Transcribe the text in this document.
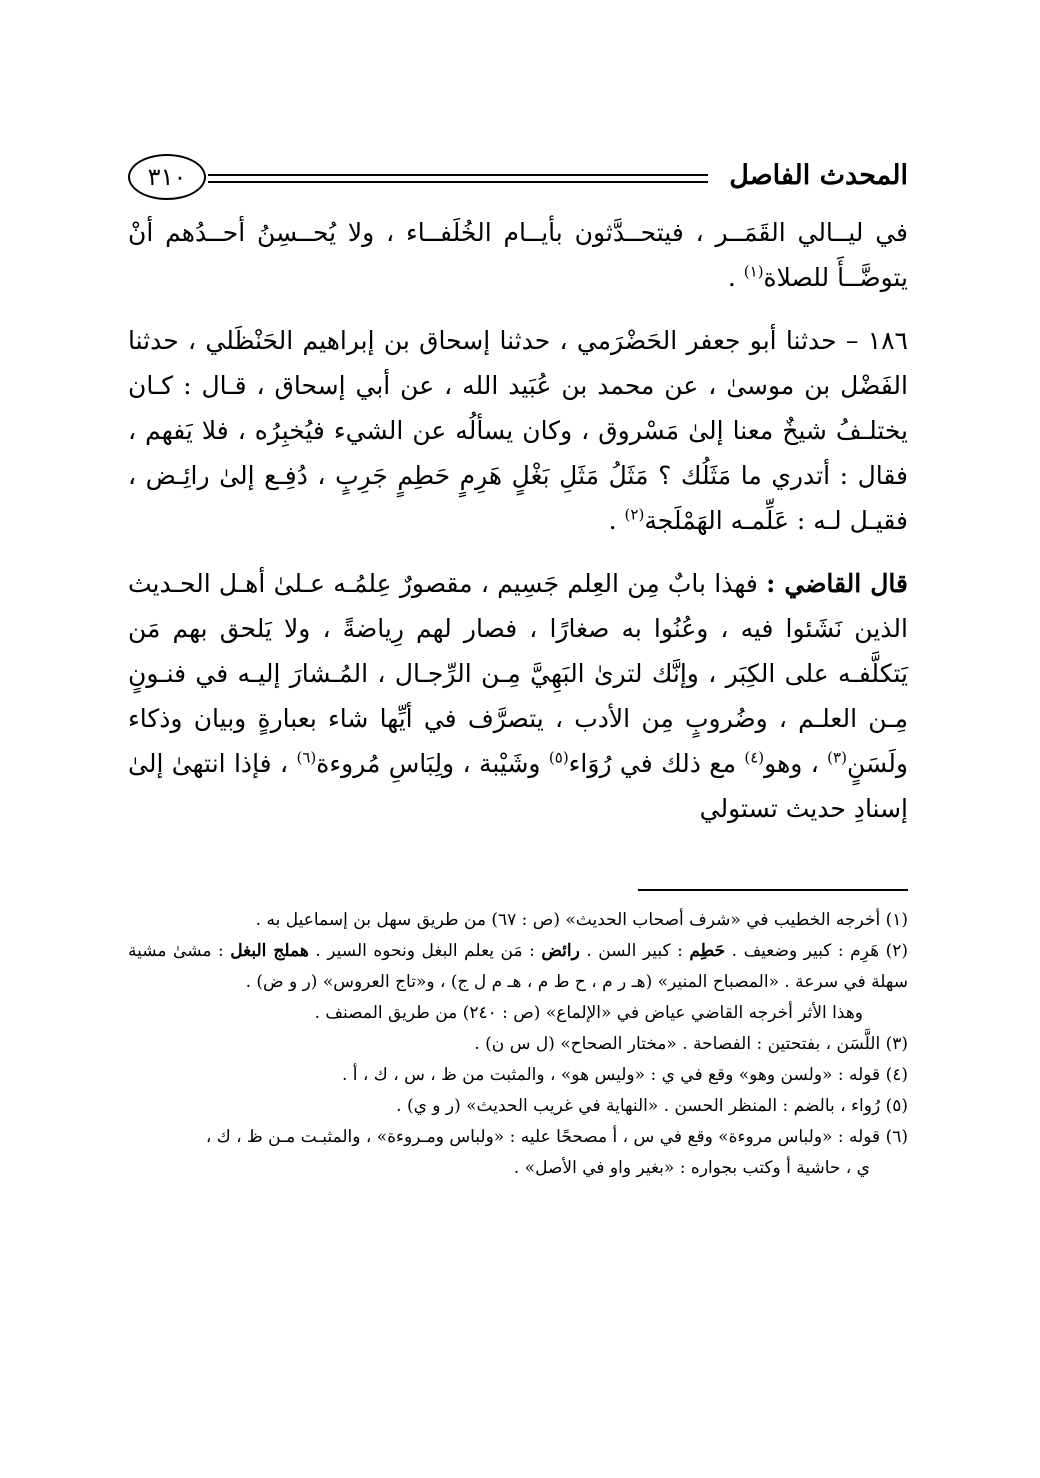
المحدث الفاصل
٣١٠

في ليــالي القَمَــر ، فيتحــدَّثون بأيــام الخُلَفــاء ، ولا يُحــسِنُ أحــدُهم أنْ يتوضَّــأَ للصلاة$^{(١)}$ .

١٨٦ – حدثنا أبو جعفر الحَضْرَمي ، حدثنا إسحاق بن إبراهيم الحَنْظَلي ، حدثنا الفَضْل بن موسىٰ ، عن محمد بن عُبَيد الله ، عن أبي إسحاق ، قـال : كـان يختلـفُ شيخٌ معنا إلىٰ مَسْروق ، وكان يسألُه عن الشيء فيُخبِرُه ، فلا يَفهم ، فقال : أتدري ما مَثَلُك ؟ مَثَلُ مَثَلِ بَغْلٍ هَرِمٍ حَطِمٍ جَرِبٍ ، دُفِـع إلىٰ رائِـض ، فقيـل لـه : عَلِّمـه الهَمْلَجة$^{(٢)}$ .

قال القاضي : فهذا بابٌ مِن العِلم جَسِيم ، مقصورٌ عِلمُـه عـلىٰ أهـل الحـديث الذين نَشَئوا فيه ، وعُنُوا به صغارًا ، فصار لهم رِياضةً ، ولا يَلحق بهم مَن يَتكلَّفـه على الكِبَر ، وإنَّك لترىٰ البَهِيَّ مِـن الرِّجـال ، المُـشارَ إليـه في فنـونٍ مِـن العلـم ، وضُروبٍ مِن الأدب ، يتصرَّف في أيِّها شاء بعبارةٍ وبيان وذكاء ولَسَنٍ$^{(٣)}$ ، وهو$^{(٤)}$ مع ذلك في رُوَاء$^{(٥)}$ وشَيْبة ، ولِبَاسِ مُروءة$^{(٦)}$ ، فإذا انتهىٰ إلىٰ إسنادِ حديث تستولي

(١) أخرجه الخطيب في «شرف أصحاب الحديث» (ص : ٦٧) من طريق سهل بن إسماعيل به .
(٢) هَرِم : كبير وضعيف . حَطِم : كبير السن . رائض : مَن يعلم البغل ونحوه السير . هملج البغل : مشىٰ مشية سهلة في سرعة . «المصباح المنير» (هـ ر م ، ح ط م ، هـ م ل ج) ، و«تاج العروس» (ر و ض) .
وهذا الأثر أخرجه القاضي عياض في «الإلماع» (ص : ٢٤٠) من طريق المصنف .
(٣) اللَّسَن ، بفتحتين : الفصاحة . «مختار الصحاح» (ل س ن) .
(٤) قوله : «ولسن وهو» وقع في ي : «وليس هو» ، والمثبت من ظ ، س ، ك ، أ .
(٥) رُواء ، بالضم : المنظر الحسن . «النهاية في غريب الحديث» (ر و ي) .
(٦) قوله : «ولباس مروءة» وقع في س ، أ مصححًا عليه : «ولباس ومـروءة» ، والمثبـت مـن ظ ، ك ،
ي ، حاشية أ وكتب بجواره : «بغير واو في الأصل» .
